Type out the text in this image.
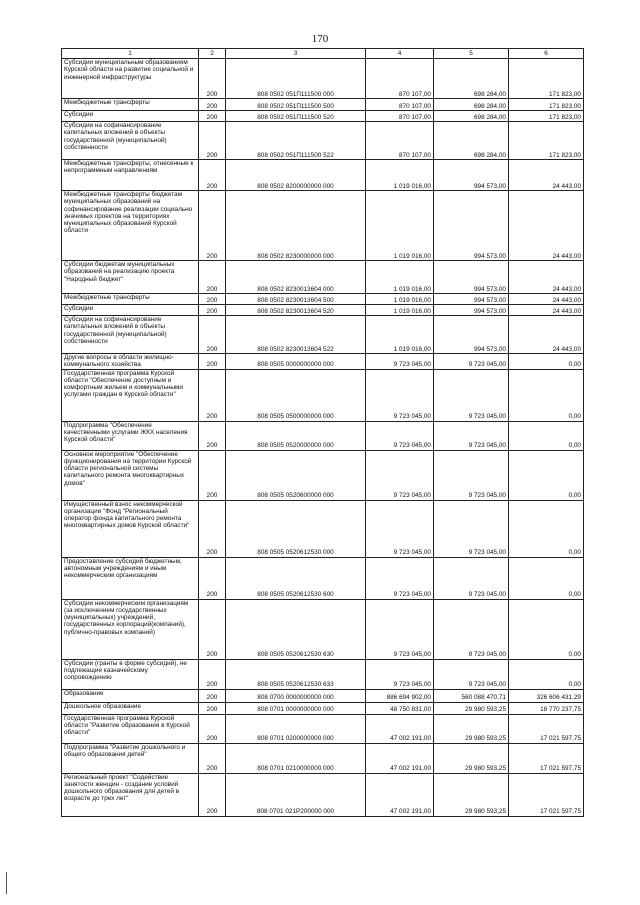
170
1	2	3	4	5	6
Субсидии муниципальным образованиям Курской области на развитие социальной и инженерной инфраструктуры	200	808 0502 051П111500 000	870 107,00	698 284,00	171 823,00
Межбюджетные трансферты	200	808 0502 051П111500 500	870 107,00	698 284,00	171 823,00
Субсидии	200	808 0502 051П111500 520	870 107,00	698 284,00	171 823,00
Субсидии на софинансирование капитальных вложений в объекты государственной (муниципальной) собственности	200	808 0502 051П111500 522	870 107,00	698 284,00	171 823,00
Межбюджетные трансферты, отнесенные к непрограммным направлениям	200	808 0502 8200000000 000	1 019 016,00	994 573,00	24 443,00
Межбюджетные трансферты бюджетам муниципальных образований на софинансирование реализации социально значимых проектов на территориях муниципальных образований Курской области	200	808 0502 8230000000 000	1 019 016,00	994 573,00	24 443,00
Субсидии бюджетам муниципальных образований на реализацию проекта "Народный бюджет"	200	808 0502 8230013604 000	1 019 016,00	994 573,00	24 443,00
Межбюджетные трансферты	200	808 0502 8230013604 500	1 019 016,00	994 573,00	24 443,00
Субсидии	200	808 0502 8230013604 520	1 019 016,00	994 573,00	24 443,00
Субсидии на софинансирование капитальных вложений в объекты государственной (муниципальной) собственности	200	808 0502 8230013604 522	1 019 016,00	994 573,00	24 443,00
Другие вопросы в области жилищно-коммунального хозяйства	200	808 0505 0000000000 000	9 723 045,00	9 723 045,00	0,00
Государственная программа Курской области "Обеспечение доступным и комфортным жильем и коммунальными услугами граждан в Курской области"	200	808 0505 0500000000 000	9 723 045,00	9 723 045,00	0,00
Подпрограмма "Обеспечение качественными услугами ЖКХ населения Курской области"	200	808 0505 0520000000 000	9 723 045,00	9 723 045,00	0,00
Основное мероприятие "Обеспечение функционирования на территории Курской области региональной системы капитального ремонта многоквартирных домов"	200	808 0505 0520600000 000	9 723 045,00	9 723 045,00	0,00
Имущественный взнос некоммерческой организации "Фонд "Региональный оператор фонда капитального ремонта многоквартирных домов Курской области"	200	808 0505 0520612530 000	9 723 045,00	9 723 045,00	0,00
Предоставление субсидий бюджетным, автономным учреждениям и иным некоммерческим организациям	200	808 0505 0520612530 600	9 723 045,00	9 723 045,00	0,00
Субсидии некоммерческим организациям (за исключением государственных (муниципальных) учреждений, государственных корпораций(компаний), публично-правовых компаний)	200	808 0505 0520612530 630	9 723 045,00	9 723 045,00	0,00
Субсидии (гранты в форме субсидий), не подлежащие казначейскому сопровождению	200	808 0505 0520612530 633	9 723 045,00	9 723 045,00	0,00
Образование	200	808 0700 0000000000 000	886 694 902,00	560 088 470,71	326 606 431,29
Дошкольное образование	200	808 0701 0000000000 000	48 750 831,00	29 980 593,25	18 770 237,75
Государственная программа Курской области "Развитие образования в Курской области"	200	808 0701 0200000000 000	47 002 191,00	29 980 593,25	17 021 597,75
Подпрограмма "Развитие дошкольного и общего образования детей"	200	808 0701 0210000000 000	47 002 191,00	29 980 593,25	17 021 597,75
Региональный проект "Содействие занятости женщин - создание условий дошкольного образования для детей в возрасте до трех лет"	200	808 0701 021P200000 000	47 002 191,00	29 980 593,25	17 021 597,75
